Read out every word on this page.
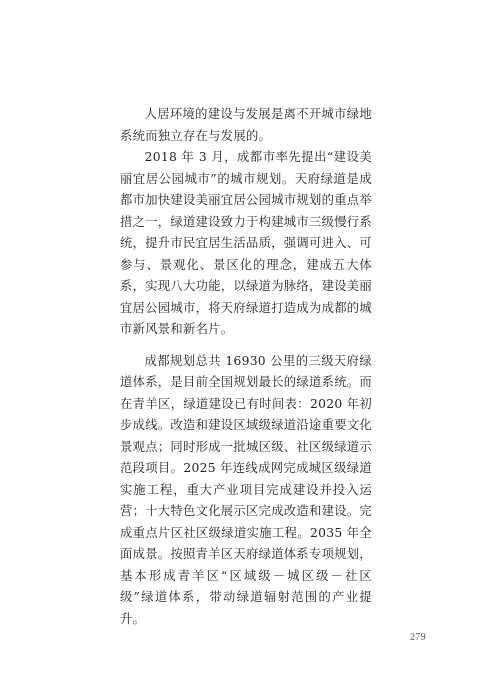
人居环境的建设与发展是离不开城市绿地系统而独立存在与发展的。

2018 年 3 月，成都市率先提出“建设美丽宜居公园城市”的城市规划。天府绿道是成都市加快建设美丽宜居公园城市规划的重点举措之一，绿道建设致力于构建城市三级慢行系统，提升市民宜居生活品质，强调可进入、可参与、景观化、景区化的理念，建成五大体系，实现八大功能，以绿道为脉络，建设美丽宜居公园城市，将天府绿道打造成为成都的城市新风景和新名片。

成都规划总共 16930 公里的三级天府绿道体系，是目前全国规划最长的绿道系统。而在青羊区，绿道建设已有时间表：2020 年初步成线。改造和建设区域级绿道沿途重要文化景观点；同时形成一批城区级、社区级绿道示范段项目。2025 年连线成网完成城区级绿道实施工程，重大产业项目完成建设并投入运营；十大特色文化展示区完成改造和建设。完成重点片区社区级绿道实施工程。2035 年全面成景。按照青羊区天府绿道体系专项规划，基本形成青羊区“区域级－城区级－社区级”绿道体系，带动绿道辐射范围的产业提升。

279
